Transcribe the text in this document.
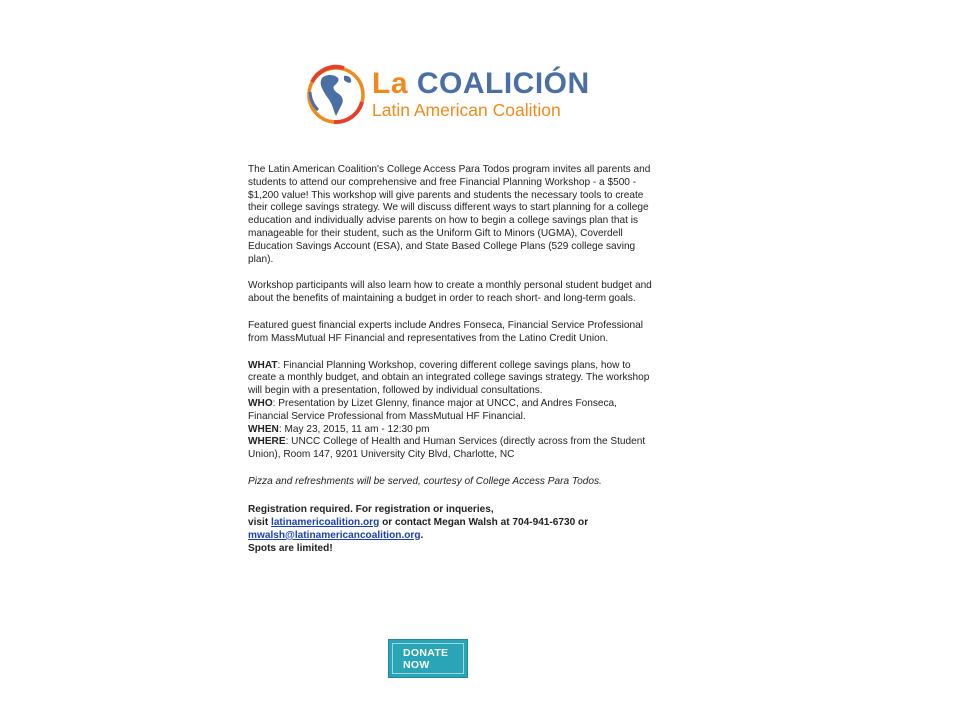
La COALICIÓN
Latin American Coalition

The Latin American Coalition's College Access Para Todos program invites all parents and students to attend our comprehensive and free Financial Planning Workshop - a $500 - $1,200 value! This workshop will give parents and students the necessary tools to create their college savings strategy. We will discuss different ways to start planning for a college education and individually advise parents on how to begin a college savings plan that is manageable for their student, such as the Uniform Gift to Minors (UGMA), Coverdell Education Savings Account (ESA), and State Based College Plans (529 college saving plan).

Workshop participants will also learn how to create a monthly personal student budget and about the benefits of maintaining a budget in order to reach short- and long-term goals.

Featured guest financial experts include Andres Fonseca, Financial Service Professional from MassMutual HF Financial and representatives from the Latino Credit Union.

WHAT: Financial Planning Workshop, covering different college savings plans, how to create a monthly budget, and obtain an integrated college savings strategy. The workshop will begin with a presentation, followed by individual consultations.
WHO: Presentation by Lizet Glenny, finance major at UNCC, and Andres Fonseca, Financial Service Professional from MassMutual HF Financial.
WHEN: May 23, 2015, 11 am - 12:30 pm
WHERE: UNCC College of Health and Human Services (directly across from the Student Union), Room 147, 9201 University City Blvd, Charlotte, NC

Pizza and refreshments will be served, courtesy of College Access Para Todos.

Registration required. For registration or inqueries,
visit latinamericoalition.org or contact Megan Walsh at 704-941-6730 or mwalsh@latinamericancoalition.org.
Spots are limited!

DONATE
NOW
